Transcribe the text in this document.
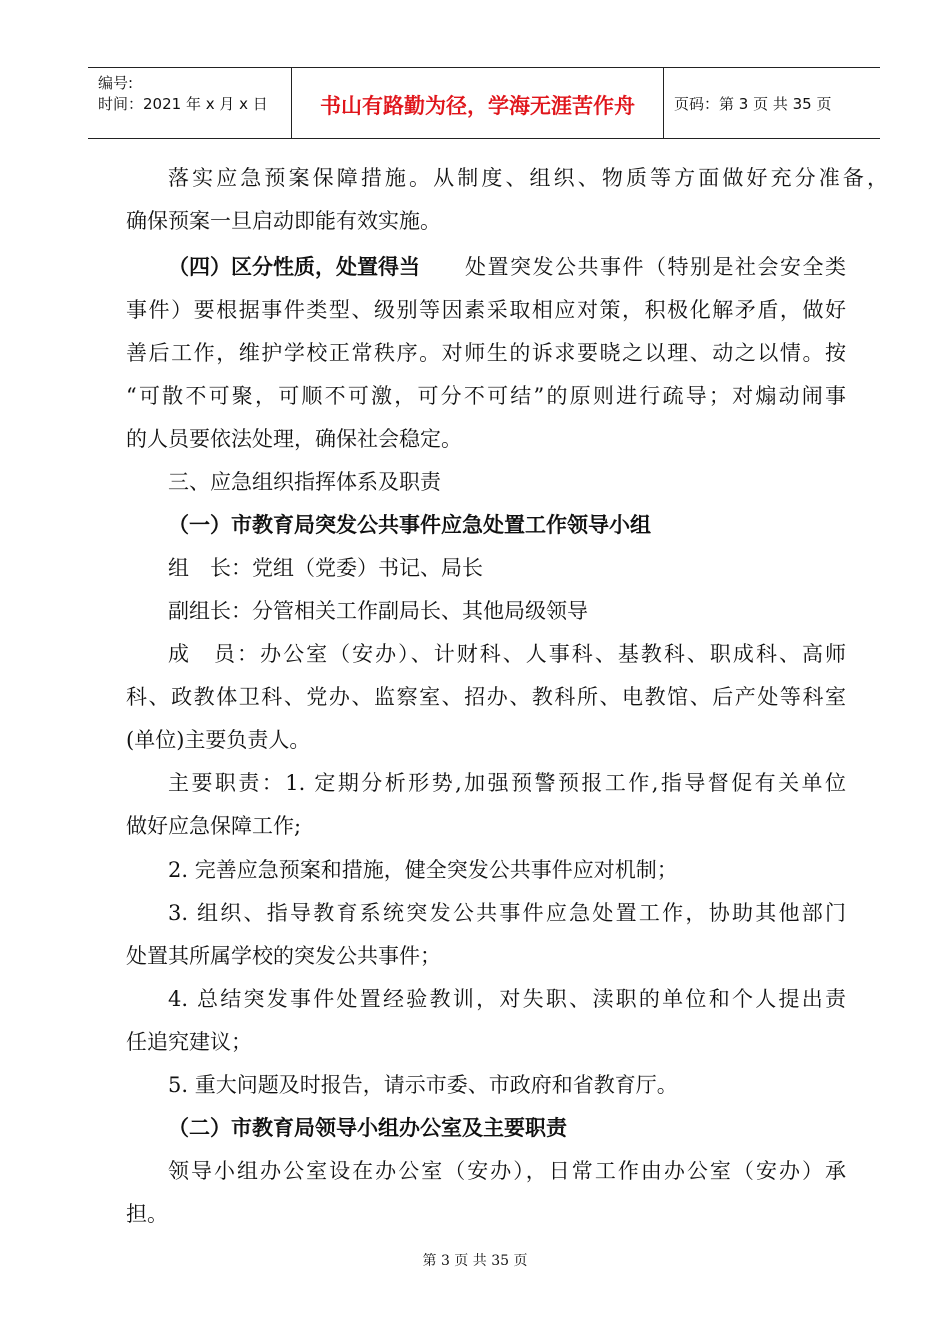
编号:
时间：2021 年 x 月 x 日	书山有路勤为径，学海无涯苦作舟	页码：第 3 页 共 35 页
落实应急预案保障措施。从制度、组织、物质等方面做好充分准备，
确保预案一旦启动即能有效实施。
（四）区分性质，处置得当	处置突发公共事件（特别是社会安全类
事件）要根据事件类型、级别等因素采取相应对策，积极化解矛盾，做好
善后工作，维护学校正常秩序。对师生的诉求要晓之以理、动之以情。按
“可散不可聚，可顺不可激，可分不可结”的原则进行疏导；对煽动闹事
的人员要依法处理，确保社会稳定。
三、应急组织指挥体系及职责
（一）市教育局突发公共事件应急处置工作领导小组
组　长：党组（党委）书记、局长
副组长：分管相关工作副局长、其他局级领导
成　员：办公室（安办）、计财科、人事科、基教科、职成科、高师
科、政教体卫科、党办、监察室、招办、教科所、电教馆、后产处等科室
(单位)主要负责人。
主要职责：1. 定期分析形势,加强预警预报工作,指导督促有关单位
做好应急保障工作;
2. 完善应急预案和措施，健全突发公共事件应对机制；
3. 组织、指导教育系统突发公共事件应急处置工作，协助其他部门
处置其所属学校的突发公共事件；
4. 总结突发事件处置经验教训，对失职、渎职的单位和个人提出责
任追究建议；
5. 重大问题及时报告，请示市委、市政府和省教育厅。
（二）市教育局领导小组办公室及主要职责
领导小组办公室设在办公室（安办），日常工作由办公室（安办）承
担。
第 3 页 共 35 页
